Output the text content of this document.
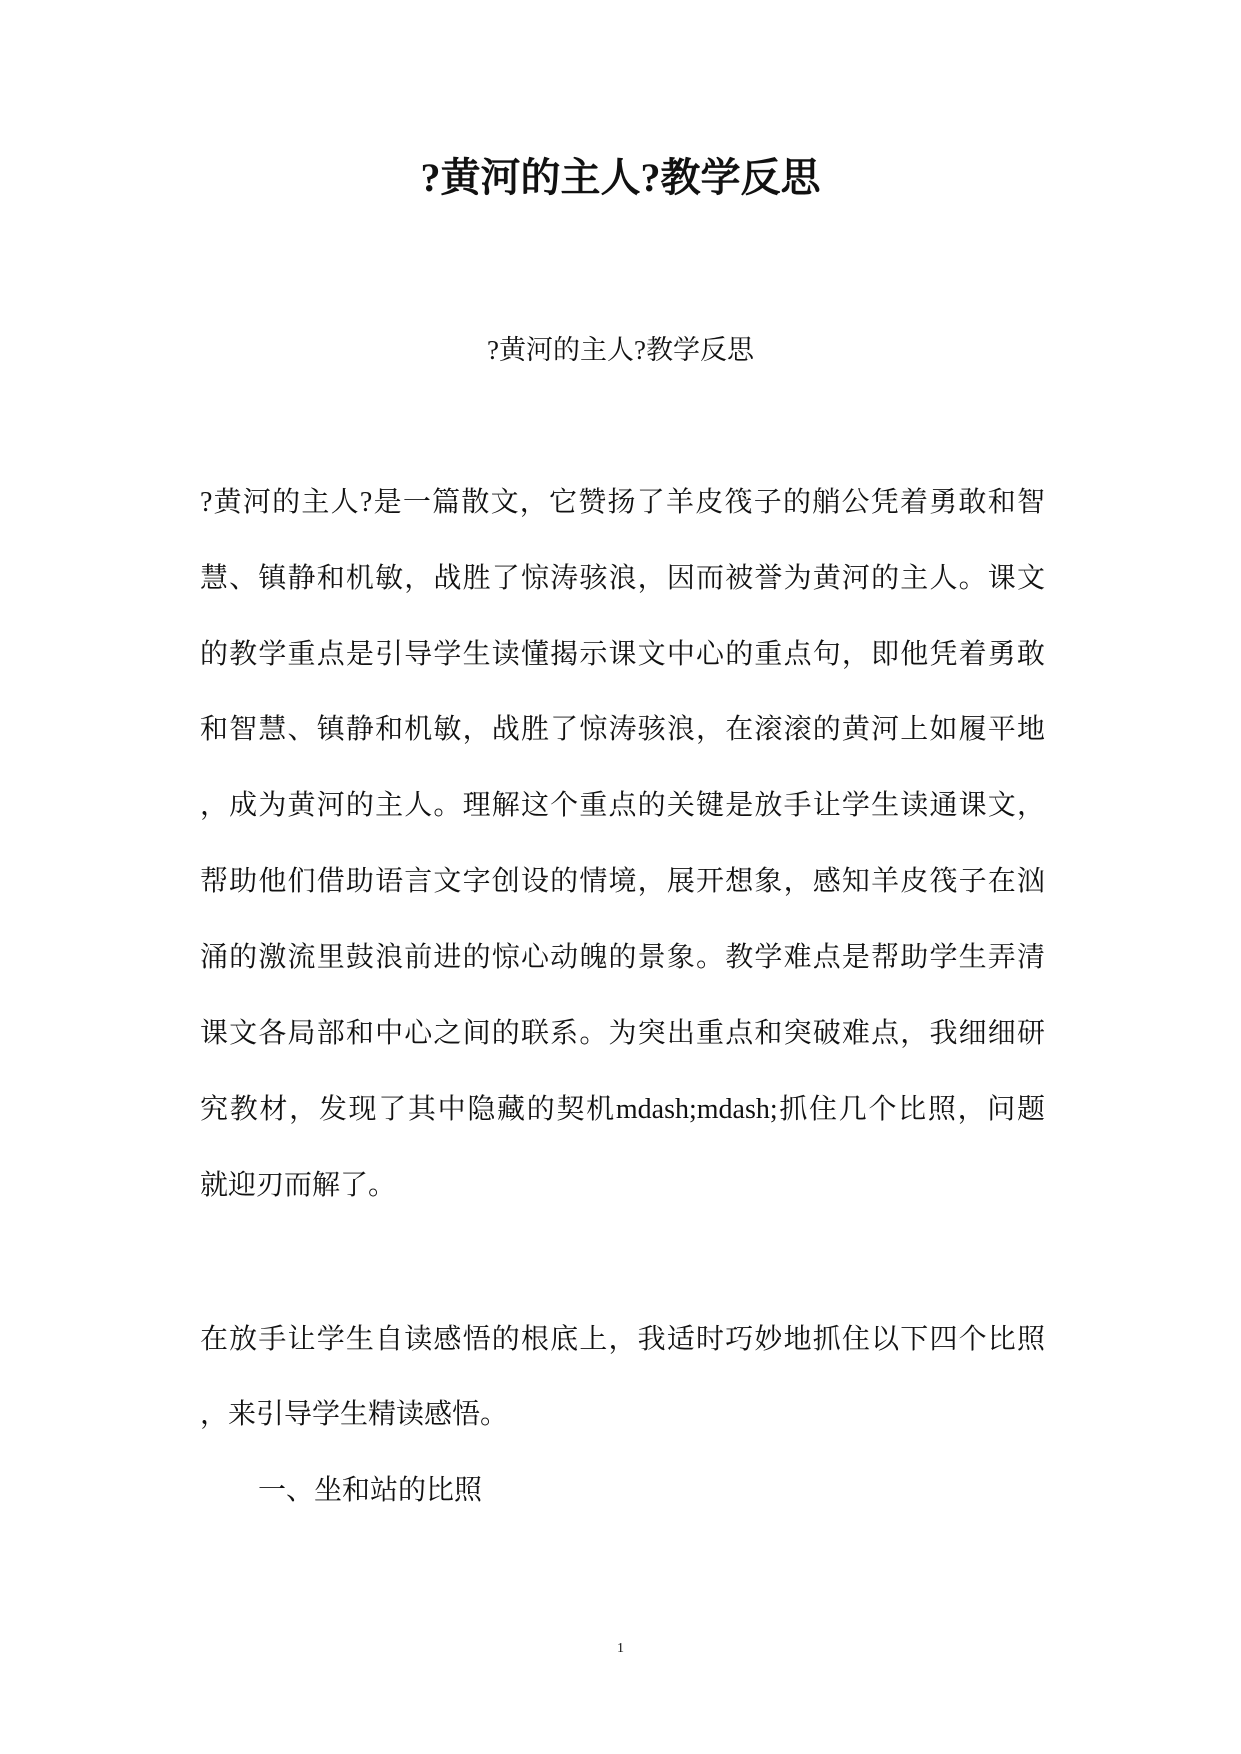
?黄河的主人?教学反思
?黄河的主人?教学反思
?黄河的主人?是一篇散文，它赞扬了羊皮筏子的艄公凭着勇敢和智
慧、镇静和机敏，战胜了惊涛骇浪，因而被誉为黄河的主人。课文
的教学重点是引导学生读懂揭示课文中心的重点句，即他凭着勇敢
和智慧、镇静和机敏，战胜了惊涛骇浪，在滚滚的黄河上如履平地
，成为黄河的主人。理解这个重点的关键是放手让学生读通课文，
帮助他们借助语言文字创设的情境，展开想象，感知羊皮筏子在汹
涌的激流里鼓浪前进的惊心动魄的景象。教学难点是帮助学生弄清
课文各局部和中心之间的联系。为突出重点和突破难点，我细细研
究教材，发现了其中隐藏的契机mdash;mdash;抓住几个比照，问题
就迎刃而解了。
在放手让学生自读感悟的根底上，我适时巧妙地抓住以下四个比照
，来引导学生精读感悟。
一、坐和站的比照
1
